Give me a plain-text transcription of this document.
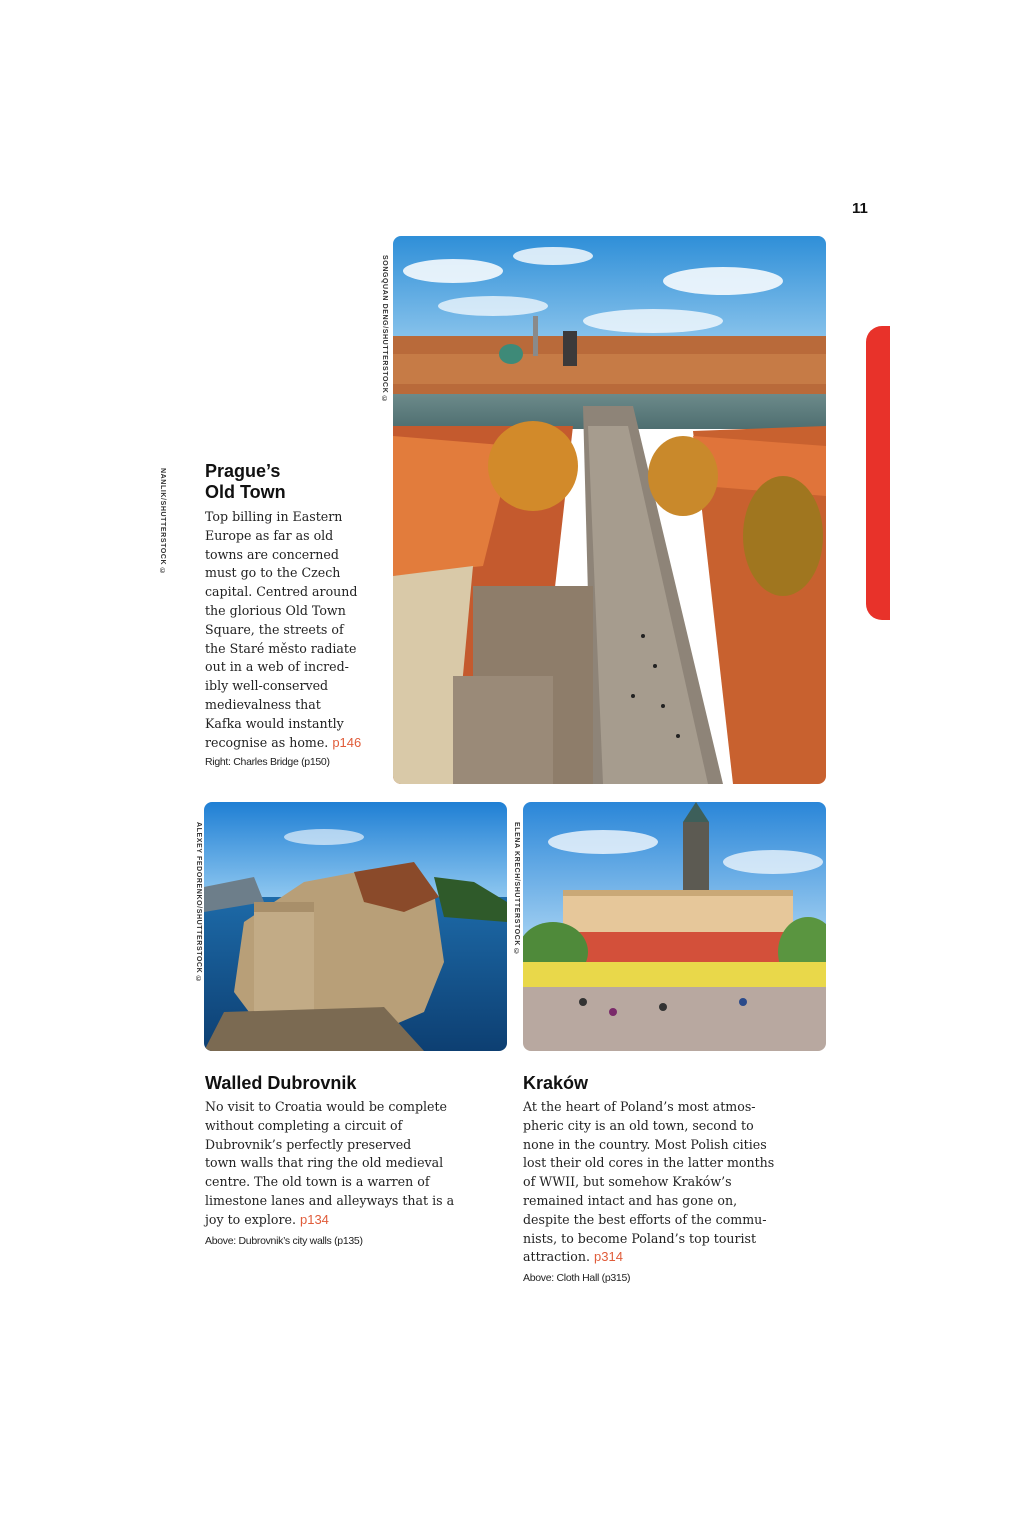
11
SONGQUAN DENG/SHUTTERSTOCK ©
NANLIK/SHUTTERSTOCK ©
ALEXEY FEDORENKO/SHUTTERSTOCK ©	ELENA KRECH/SHUTTERSTOCK ©
Prague’s
Old Town

Top billing in Eastern
Europe as far as old
towns are concerned
must go to the Czech
capital. Centred around
the glorious Old Town
Square, the streets of
the Staré město radiate
out in a web of incred-
ibly well-conserved
medievalness that
Kafka would instantly
recognise as home. p146

Right: Charles Bridge (p150)

Walled Dubrovnik

No visit to Croatia would be complete
without completing a circuit of
Dubrovnik’s perfectly preserved
town walls that ring the old medieval
centre. The old town is a warren of
limestone lanes and alleyways that is a
joy to explore. p134

Above: Dubrovnik’s city walls (p135)

Kraków

At the heart of Poland’s most atmos-
pheric city is an old town, second to
none in the country. Most Polish cities
lost their old cores in the latter months
of WWII, but somehow Kraków’s
remained intact and has gone on,
despite the best efforts of the commu-
nists, to become Poland’s top tourist
attraction. p314

Above: Cloth Hall (p315)
